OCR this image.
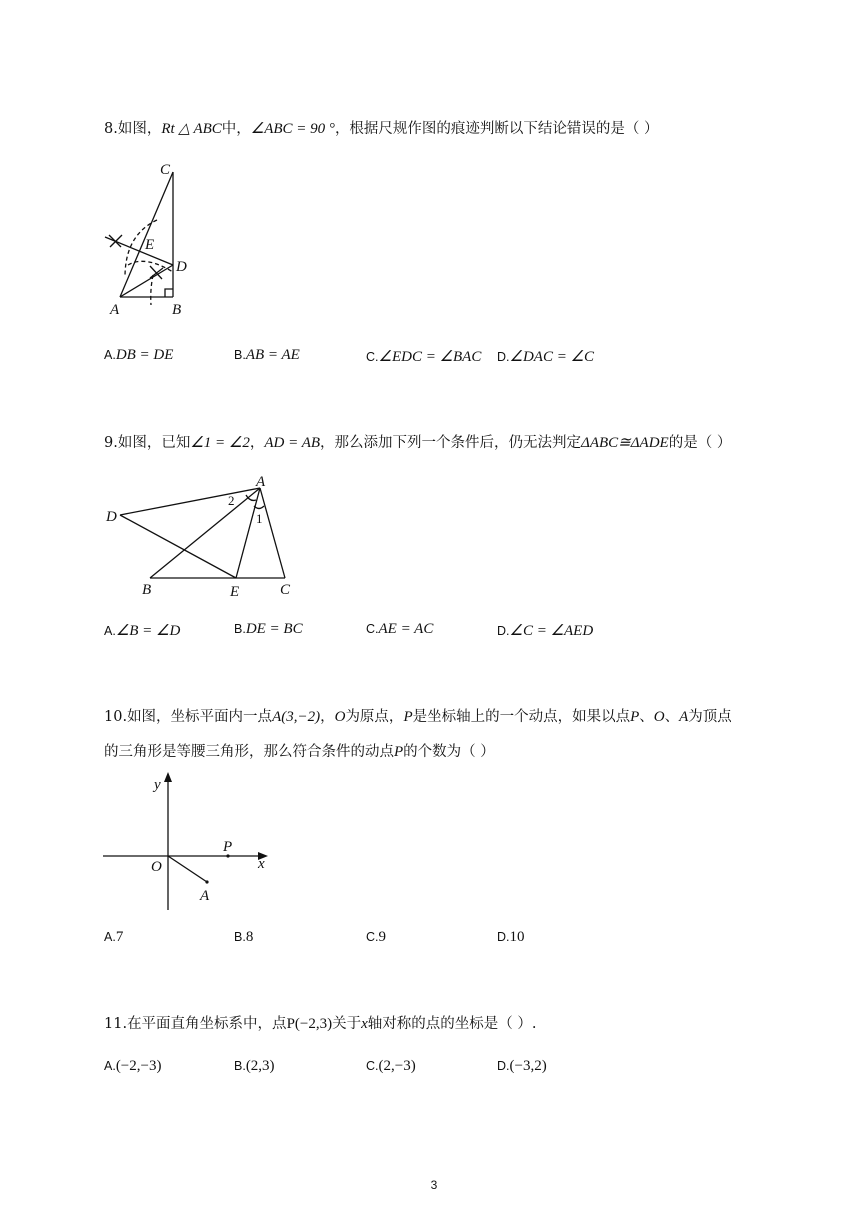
8.如图，Rt △ ABC中，∠ABC = 90 °，根据尺规作图的痕迹判断以下结论错误的是（ ）
C
E
D
A	B
A.DB = DE	B.AB = AE	C.∠EDC = ∠BAC D.∠DAC = ∠C
9.如图，已知∠1 = ∠2，AD = AB，那么添加下列一个条件后，仍无法判定ΔABC≅ΔADE的是（ ）
A
D
B	E	C
1
2
A.∠B = ∠D	B.DE = BC	C.AE = AC	D.∠C = ∠AED
10.如图，坐标平面内一点A(3,−2)，O为原点，P是坐标轴上的一个动点，如果以点P、O、A为顶点
的三角形是等腰三角形，那么符合条件的动点P的个数为（ ）
y
x
O
P
A
A.7	B.8	C.9	D.10
11.在平面直角坐标系中，点P(−2,3)关于x轴对称的点的坐标是（ ）.
A.(−2,−3)	B.(2,3)	C.(2,−3)	D.(−3,2)
3
